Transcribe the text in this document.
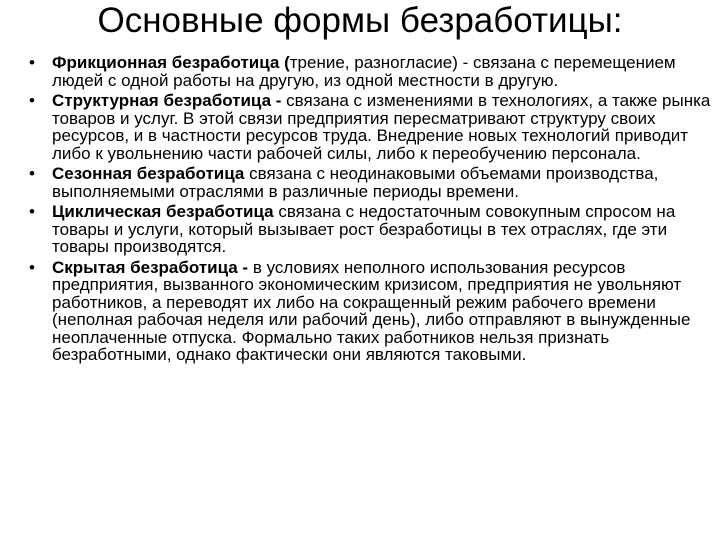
Основные формы безработицы:
• Фрикционная безработица (трение, разногласие) - связана с перемещением людей с одной работы на другую, из одной местности в другую.
• Структурная безработица - связана с изменениями в технологиях, а также рынка товаров и услуг. В этой связи предприятия пересматривают структуру своих ресурсов, и в частности ресурсов труда. Внедрение новых технологий приводит либо к увольнению части рабочей силы, либо к переобучению персонала.
• Сезонная безработица связана с неодинаковыми объемами производства, выполняемыми отраслями в различные периоды времени.
• Циклическая безработица связана с недостаточным совокупным спросом на товары и услуги, который вызывает рост безработицы в тех отраслях, где эти товары производятся.
• Скрытая безработица - в условиях неполного использования ресурсов предприятия, вызванного экономическим кризисом, предприятия не увольняют работников, а переводят их либо на сокращенный режим рабочего времени (неполная рабочая неделя или рабочий день), либо отправляют в вынужденные неоплаченные отпуска. Формально таких работников нельзя признать безработными, однако фактически они являются таковыми.
